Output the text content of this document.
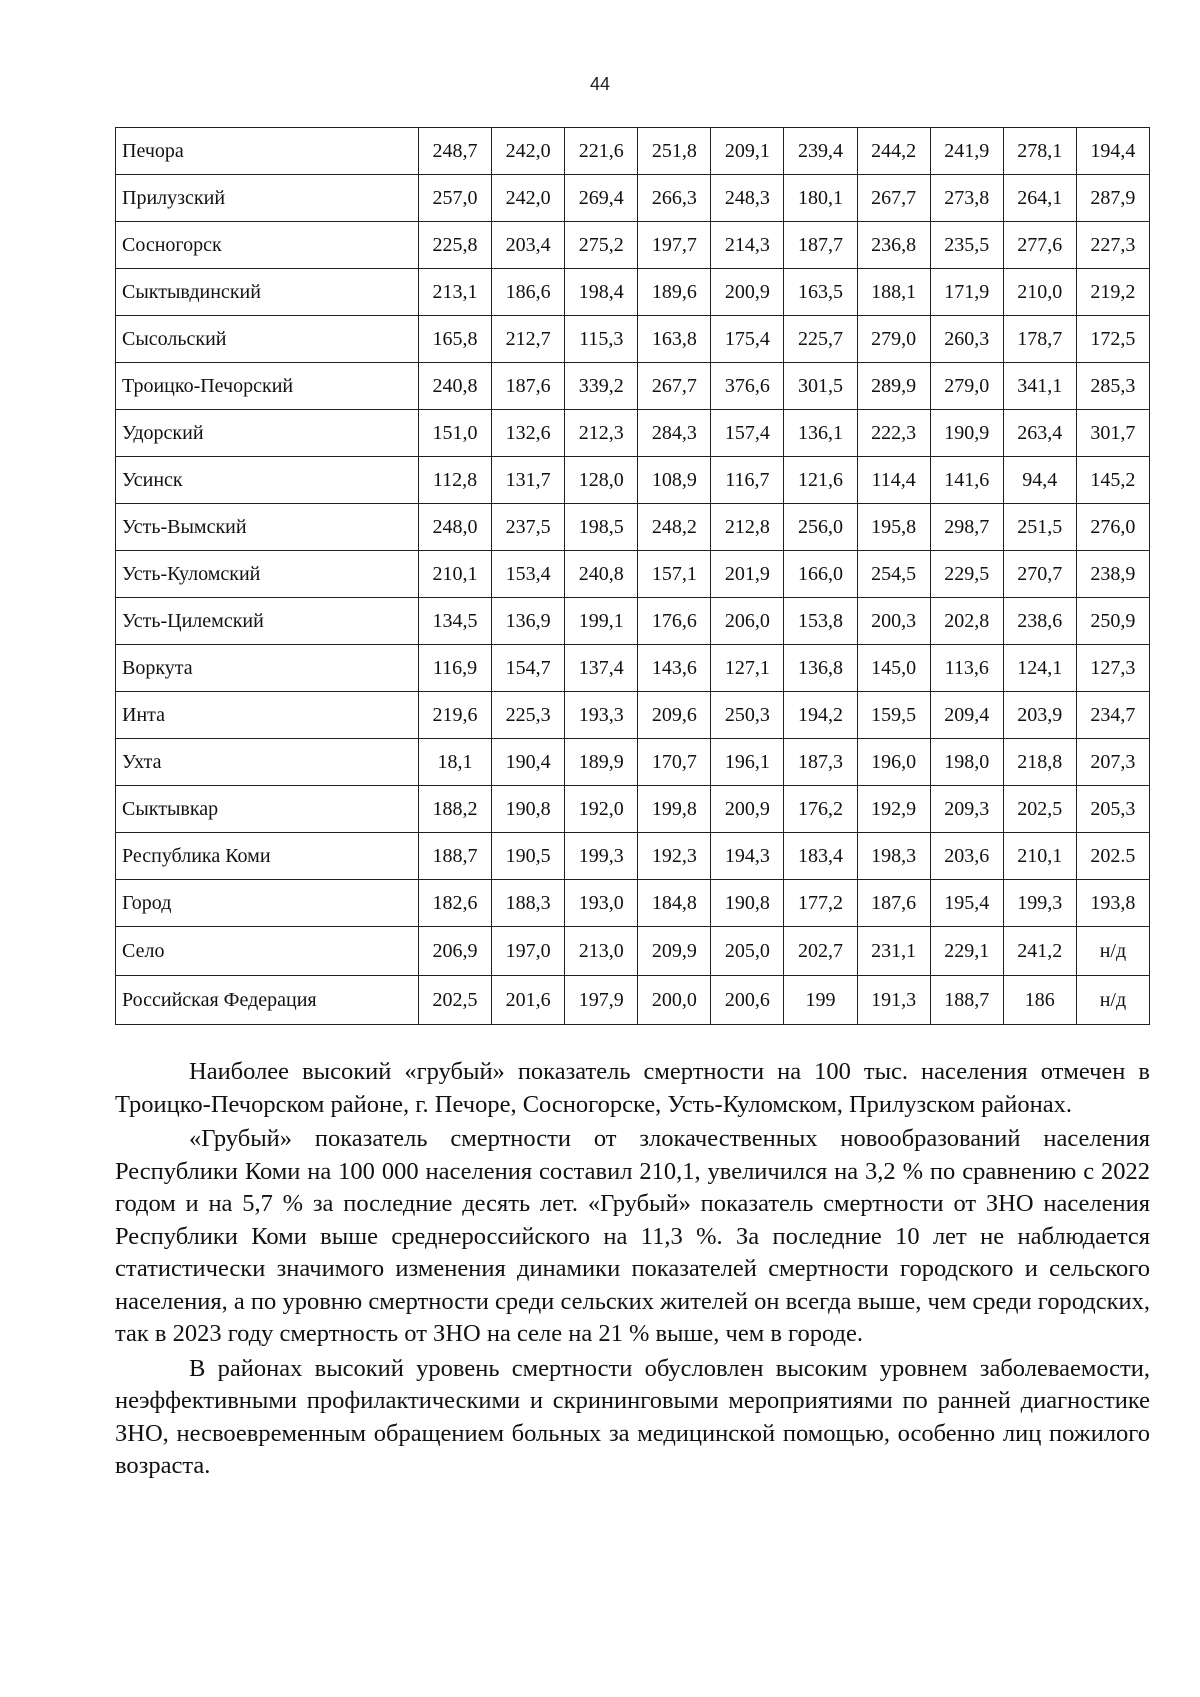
44
Печора	248,7	242,0	221,6	251,8	209,1	239,4	244,2	241,9	278,1	194,4
Прилузский	257,0	242,0	269,4	266,3	248,3	180,1	267,7	273,8	264,1	287,9
Сосногорск	225,8	203,4	275,2	197,7	214,3	187,7	236,8	235,5	277,6	227,3
Сыктывдинский	213,1	186,6	198,4	189,6	200,9	163,5	188,1	171,9	210,0	219,2
Сысольский	165,8	212,7	115,3	163,8	175,4	225,7	279,0	260,3	178,7	172,5
Троицко-Печорский	240,8	187,6	339,2	267,7	376,6	301,5	289,9	279,0	341,1	285,3
Удорский	151,0	132,6	212,3	284,3	157,4	136,1	222,3	190,9	263,4	301,7
Усинск	112,8	131,7	128,0	108,9	116,7	121,6	114,4	141,6	94,4	145,2
Усть-Вымский	248,0	237,5	198,5	248,2	212,8	256,0	195,8	298,7	251,5	276,0
Усть-Куломский	210,1	153,4	240,8	157,1	201,9	166,0	254,5	229,5	270,7	238,9
Усть-Цилемский	134,5	136,9	199,1	176,6	206,0	153,8	200,3	202,8	238,6	250,9
Воркута	116,9	154,7	137,4	143,6	127,1	136,8	145,0	113,6	124,1	127,3
Инта	219,6	225,3	193,3	209,6	250,3	194,2	159,5	209,4	203,9	234,7
Ухта	18,1	190,4	189,9	170,7	196,1	187,3	196,0	198,0	218,8	207,3
Сыктывкар	188,2	190,8	192,0	199,8	200,9	176,2	192,9	209,3	202,5	205,3
Республика Коми	188,7	190,5	199,3	192,3	194,3	183,4	198,3	203,6	210,1	202.5
Город	182,6	188,3	193,0	184,8	190,8	177,2	187,6	195,4	199,3	193,8
Село	206,9	197,0	213,0	209,9	205,0	202,7	231,1	229,1	241,2	н/д
Российская Федерация	202,5	201,6	197,9	200,0	200,6	199	191,3	188,7	186	н/д

Наиболее высокий «грубый» показатель смертности на 100 тыс. населения отмечен в Троицко-Печорском районе, г. Печоре, Сосногорске, Усть-Куломском, Прилузском районах.

«Грубый» показатель смертности от злокачественных новообразований населения Республики Коми на 100 000 населения составил 210,1, увеличился на 3,2 % по сравнению с 2022 годом и на 5,7 % за последние десять лет. «Грубый» показатель смертности от ЗНО населения Республики Коми выше среднероссийского на 11,3 %. За последние 10 лет не наблюдается статистически значимого изменения динамики показателей смертности городского и сельского населения, а по уровню смертности среди сельских жителей он всегда выше, чем среди городских, так в 2023 году смертность от ЗНО на селе на 21 % выше, чем в городе.

В районах высокий уровень смертности обусловлен высоким уровнем заболеваемости, неэффективными профилактическими и скрининговыми мероприятиями по ранней диагностике ЗНО, несвоевременным обращением больных за медицинской помощью, особенно лиц пожилого возраста.
